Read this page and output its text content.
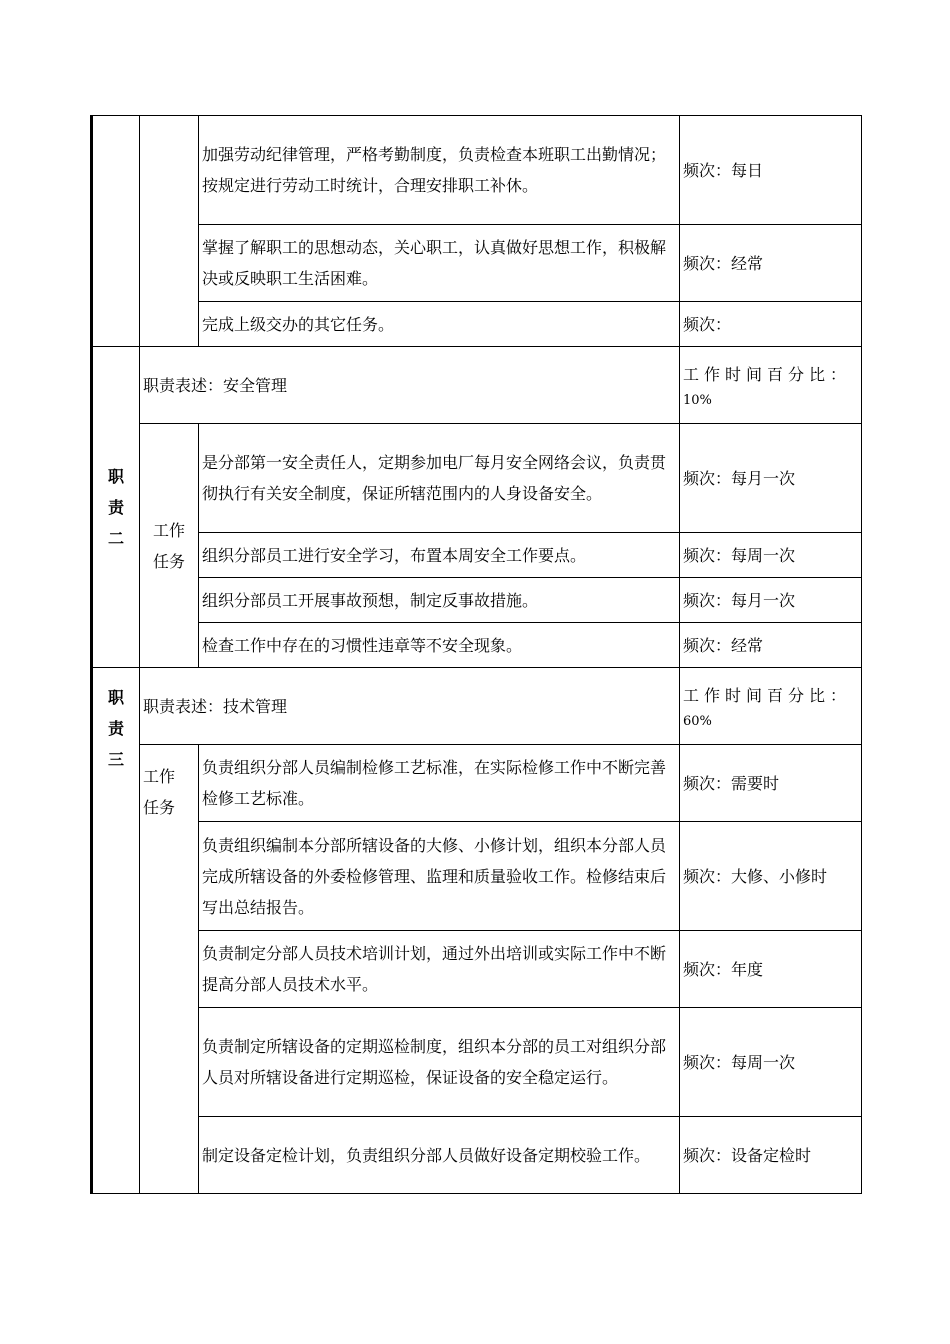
		加强劳动纪律管理，严格考勤制度，负责检查本班职工出勤情况；按规定进行劳动工时统计，合理安排职工补休。	频次：每日
		掌握了解职工的思想动态，关心职工，认真做好思想工作，积极解决或反映职工生活困难。	频次：经常
		完成上级交办的其它任务。	频次：

职
责
二	职责表述：安全管理		工作时间百分比：
10%

	工作
任务	是分部第一安全责任人，定期参加电厂每月安全网络会议，负责贯彻执行有关安全制度，保证所辖范围内的人身设备安全。	频次：每月一次
		组织分部员工进行安全学习，布置本周安全工作要点。	频次：每周一次
		组织分部员工开展事故预想，制定反事故措施。	频次：每月一次
		检查工作中存在的习惯性违章等不安全现象。	频次：经常

职
责
三	职责表述：技术管理		工作时间百分比：
60%

	工作
任务	负责组织分部人员编制检修工艺标准，在实际检修工作中不断完善检修工艺标准。	频次：需要时
		负责组织编制本分部所辖设备的大修、小修计划，组织本分部人员完成所辖设备的外委检修管理、监理和质量验收工作。检修结束后写出总结报告。	频次：大修、小修时
		负责制定分部人员技术培训计划，通过外出培训或实际工作中不断提高分部人员技术水平。	频次：年度
		负责制定所辖设备的定期巡检制度，组织本分部的员工对组织分部人员对所辖设备进行定期巡检，保证设备的安全稳定运行。	频次：每周一次
		制定设备定检计划，负责组织分部人员做好设备定期校验工作。	频次：设备定检时
